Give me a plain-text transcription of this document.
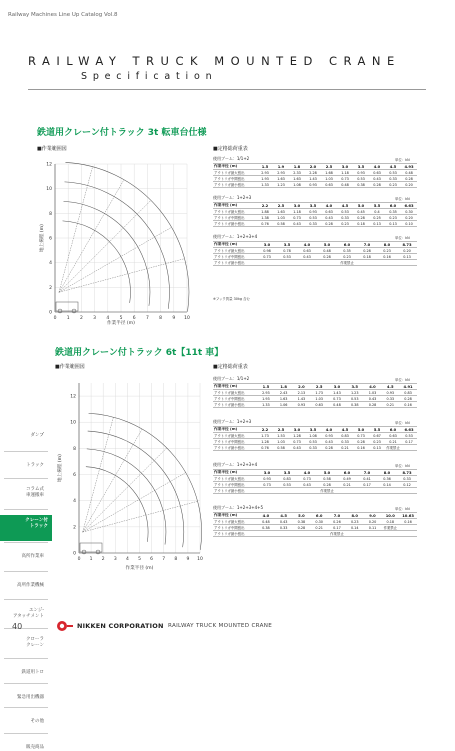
Railway Machines Line Up Catalog Vol.8
RAILWAY TRUCK MOUNTED CRANE
Specification
鉄道用クレーン付トラック 3t 転車台仕様
■作業範囲図
0 1 2 3 4 5 6 7 8 9 10
0
2
4
6
8
10
12
作業半径 (m)
地上揚程 (m)
■定格総荷重表
使用ブーム：1/1+2	単位：kN
作業半径 (m)	1.5	1.9	1.8	2.0	2.5	3.0	3.5	4.0	4.5	4.93
アウトリガ最大張出	2.93	2.93	2.33	2.28	1.68	1.18	0.93	0.63	0.53	0.48
アウトリガ中間張出	1.93	1.63	1.63	1.43	1.03	0.73	0.53	0.43	0.33	0.28
アウトリガ最小張出	1.33	1.23	1.08	0.93	0.63	0.48	0.38	0.28	0.23	0.20
使用ブーム：1+2+3	単位：kN
作業半径 (m)	2.2	2.5	3.0	3.5	4.0	4.5	5.0	5.5	6.0	6.63
アウトリガ最大張出	1.88	1.63	1.18	0.93	0.63	0.53	0.45	0.4	0.35	0.30
アウトリガ中間張出	1.38	1.03	0.73	0.53	0.43	0.33	0.28	0.25	0.23	0.20
アウトリガ最小張出	0.76	0.58	0.43	0.33	0.28	0.23	0.18	0.13	0.13	0.10
使用ブーム：1+2+3+4	単位：kN
作業半径 (m)	3.0	3.5	4.0	5.0	6.0	7.0	8.0	8.73
アウトリガ最大張出	0.98	0.78	0.63	0.48	0.35	0.28	0.23	0.20
アウトリガ中間張出	0.73	0.53	0.43	0.28	0.23	0.18	0.16	0.13
アウトリガ最小張出					作業禁止			
※フック質量 30kg 含む
鉄道用クレーン付トラック 6t【11t 車】
■作業範囲図
0 1 2 3 4 5 6 7 8 9 10
0
2
4
6
8
10
12
作業半径 (m)
地上揚程 (m)
■定格総荷重表
使用ブーム：1/1+2	単位：kN
作業半径 (m)	1.5	1.8	2.0	2.5	3.0	3.5	4.0	4.5	4.91
アウトリガ最大張出	2.93	2.43	2.13	1.73	1.43	1.23	1.03	0.93	0.83
アウトリガ中間張出	1.93	1.63	1.43	1.03	0.73	0.53	0.43	0.33	0.28
アウトリガ最小張出	1.33	1.06	0.93	0.63	0.48	0.38	0.28	0.21	0.16
使用ブーム：1+2+3	単位：kN
作業半径 (m)	2.2	2.5	3.0	3.5	4.0	4.5	5.0	5.5	6.0	6.63
アウトリガ最大張出	1.73	1.53	1.28	1.08	0.93	0.83	0.73	0.67	0.63	0.53
アウトリガ中間張出	1.28	1.03	0.73	0.53	0.43	0.33	0.28	0.23	0.21	0.17
アウトリガ最小張出	0.76	0.58	0.43	0.33	0.28	0.21	0.16	0.13	作業禁止	
使用ブーム：1+2+3+4	単位：kN
作業半径 (m)	3.0	3.5	4.0	5.0	6.0	7.0	8.0	8.73
アウトリガ最大張出	0.93	0.83	0.73	0.58	0.49	0.41	0.36	0.33
アウトリガ中間張出	0.73	0.53	0.43	0.28	0.21	0.17	0.14	0.12
アウトリガ最小張出				作業禁止				
使用ブーム：1+2+3+4+5	単位：kN
作業半径 (m)	4.0	4.5	5.0	6.0	7.0	8.0	9.0	10.0	10.63
アウトリガ最大張出	0.48	0.43	0.38	0.30	0.26	0.23	0.20	0.18	0.16
アウトリガ中間張出	0.38	0.33	0.28	0.21	0.17	0.14	0.11	作業禁止	
アウトリガ最小張出					作業禁止				
ダンプ
トラック
コラム式
車運搬車
クレーン付
トラック
高所作業車
高所作業機械
エンジ-
アタッチメント
クローラ
クレーン
鉄道用トロ
緊急用出機器
その他
販売商品
40	NIKKEN CORPORATION RAILWAY TRUCK MOUNTED CRANE
